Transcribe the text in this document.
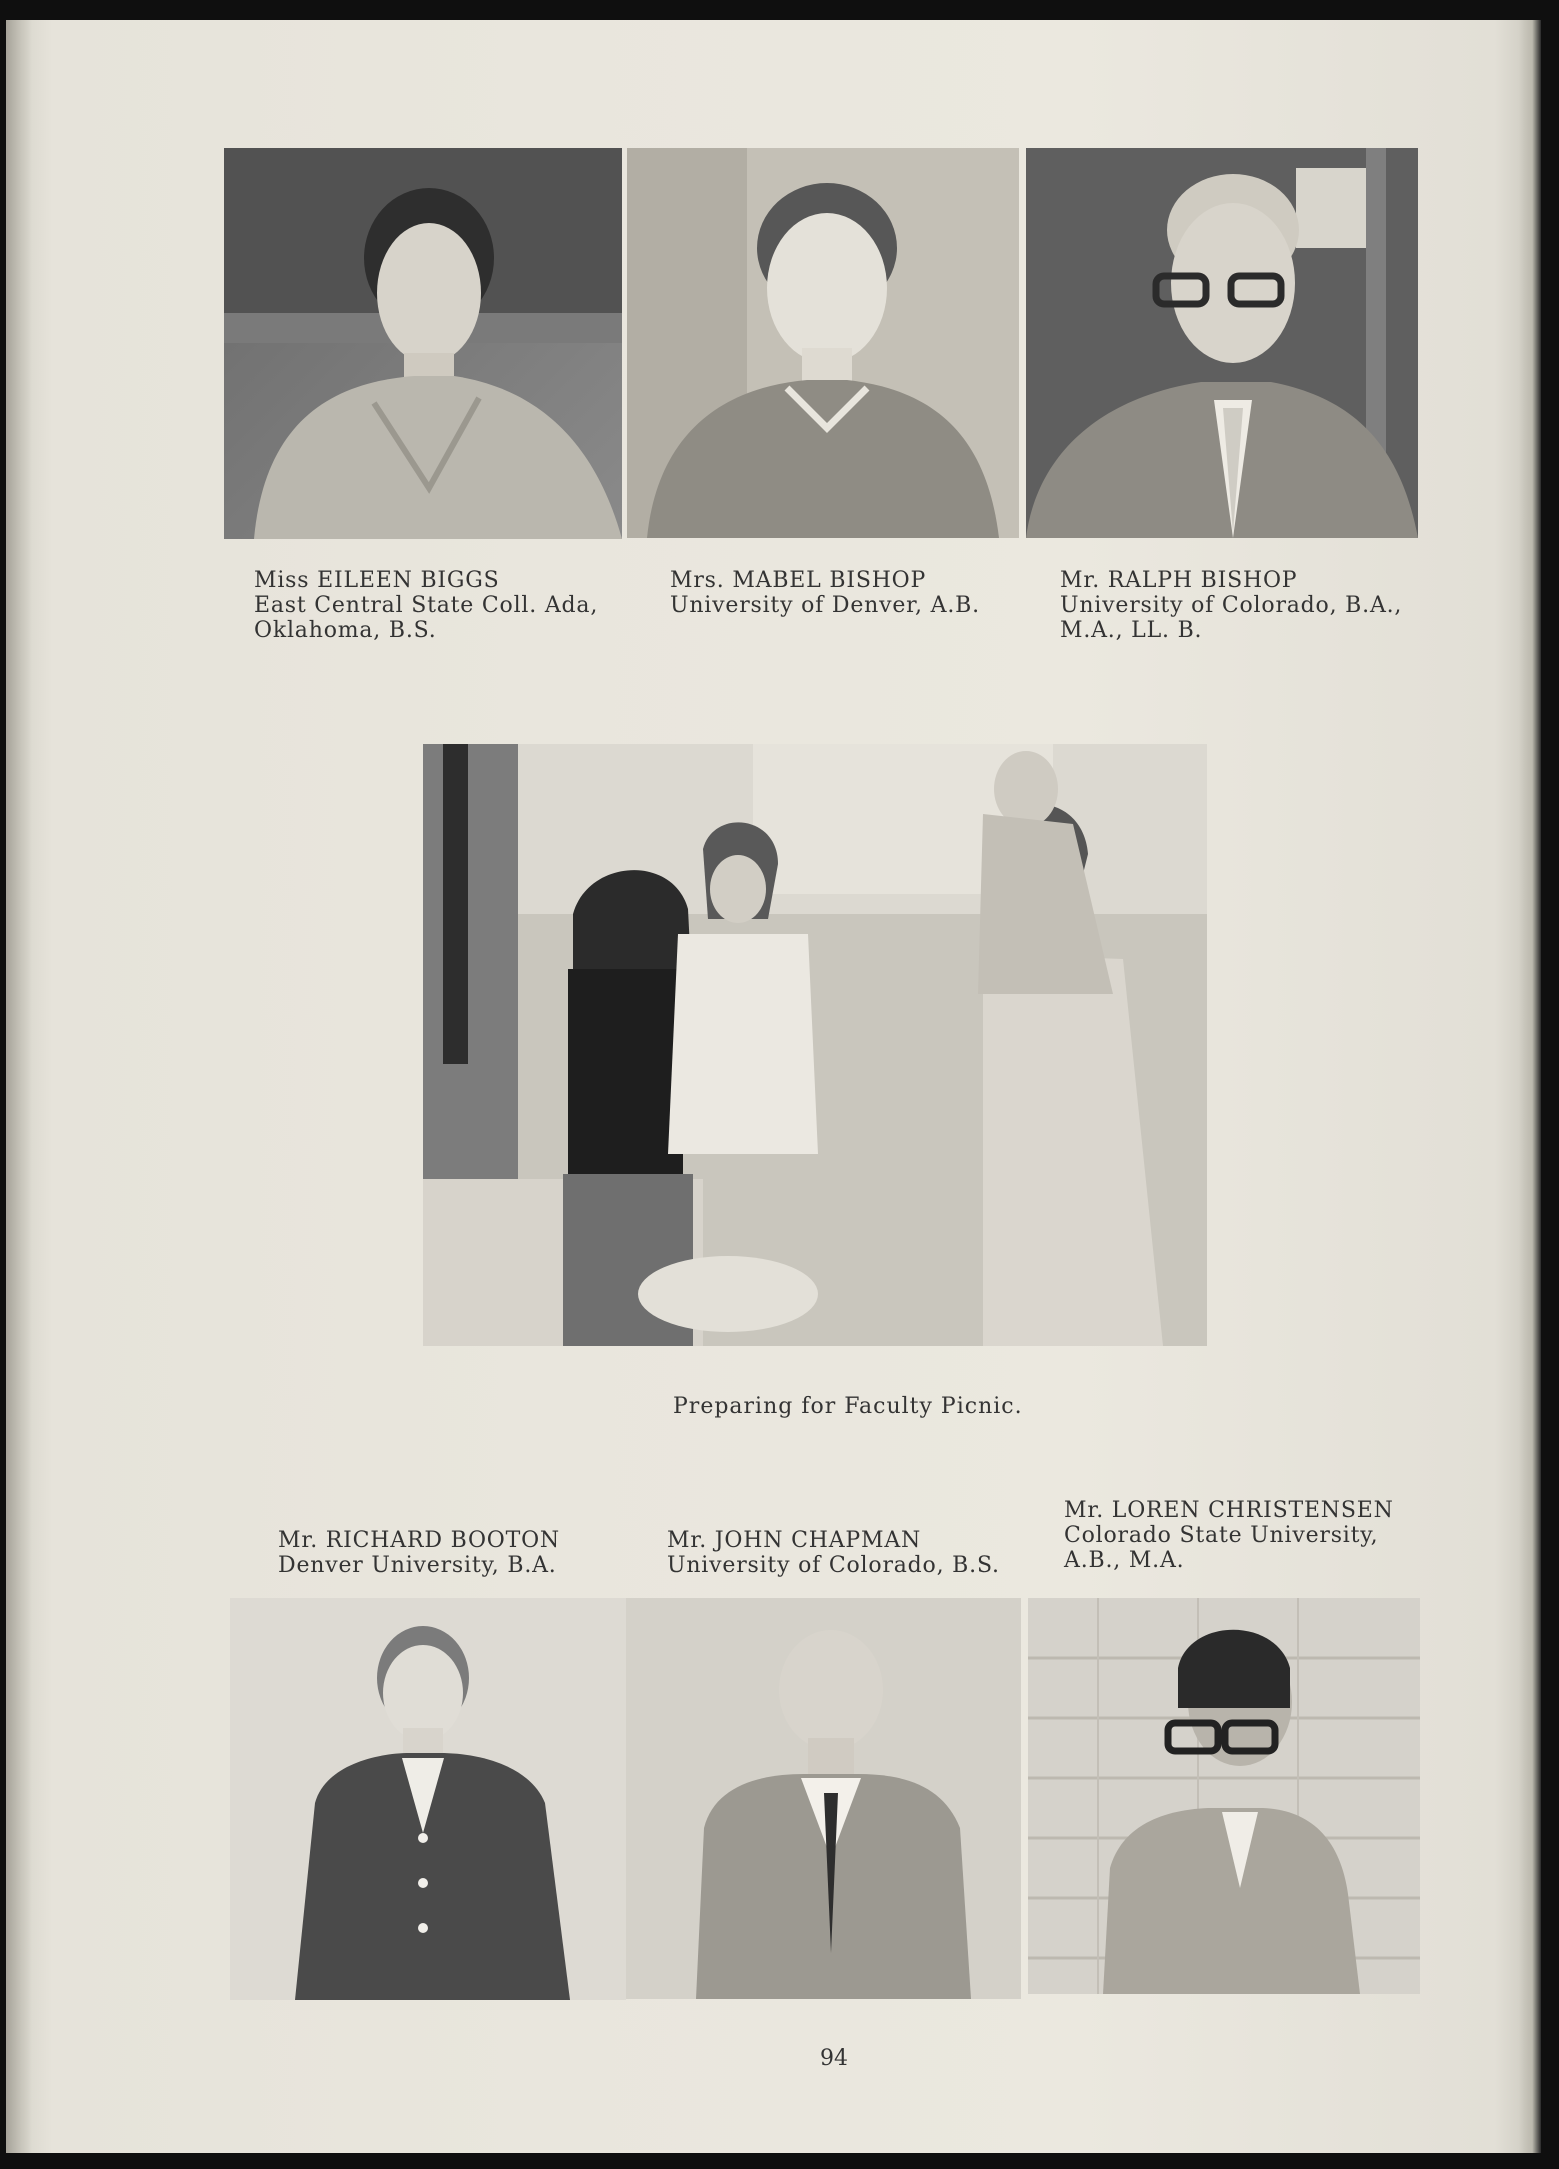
Miss EILEEN BIGGS
East Central State Coll. Ada,
Oklahoma, B.S.
Mrs. MABEL BISHOP
University of Denver, A.B.
Mr. RALPH BISHOP
University of Colorado, B.A.,
M.A., LL. B.
Preparing for Faculty Picnic.
Mr. RICHARD BOOTON
Denver University, B.A.
Mr. JOHN CHAPMAN
University of Colorado, B.S.
Mr. LOREN CHRISTENSEN
Colorado State University,
A.B., M.A.
94
